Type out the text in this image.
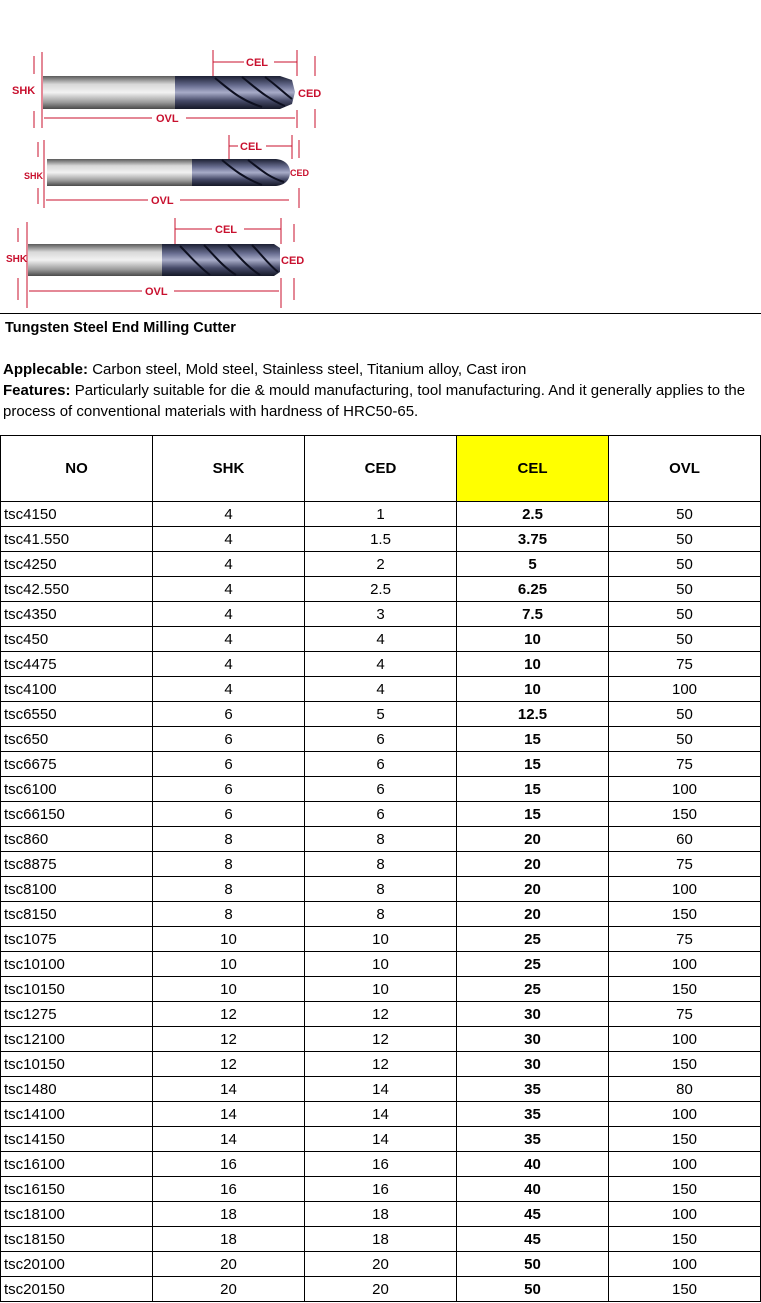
SHK	CED
CEL
OVL
SHK	CED
CEL
OVL
SHK	CED
CEL
OVL
Tungsten Steel End Milling Cutter
Applecable: Carbon steel, Mold steel, Stainless steel, Titanium alloy, Cast iron
Features: Particularly suitable for die & mould manufacturing, tool manufacturing. And it generally applies to the process of conventional materials with hardness of HRC50-65.
NO	SHK	CED	CEL	OVL
tsc4150	4	1	2.5	50
tsc41.550	4	1.5	3.75	50
tsc4250	4	2	5	50
tsc42.550	4	2.5	6.25	50
tsc4350	4	3	7.5	50
tsc450	4	4	10	50
tsc4475	4	4	10	75
tsc4100	4	4	10	100
tsc6550	6	5	12.5	50
tsc650	6	6	15	50
tsc6675	6	6	15	75
tsc6100	6	6	15	100
tsc66150	6	6	15	150
tsc860	8	8	20	60
tsc8875	8	8	20	75
tsc8100	8	8	20	100
tsc8150	8	8	20	150
tsc1075	10	10	25	75
tsc10100	10	10	25	100
tsc10150	10	10	25	150
tsc1275	12	12	30	75
tsc12100	12	12	30	100
tsc10150	12	12	30	150
tsc1480	14	14	35	80
tsc14100	14	14	35	100
tsc14150	14	14	35	150
tsc16100	16	16	40	100
tsc16150	16	16	40	150
tsc18100	18	18	45	100
tsc18150	18	18	45	150
tsc20100	20	20	50	100
tsc20150	20	20	50	150
